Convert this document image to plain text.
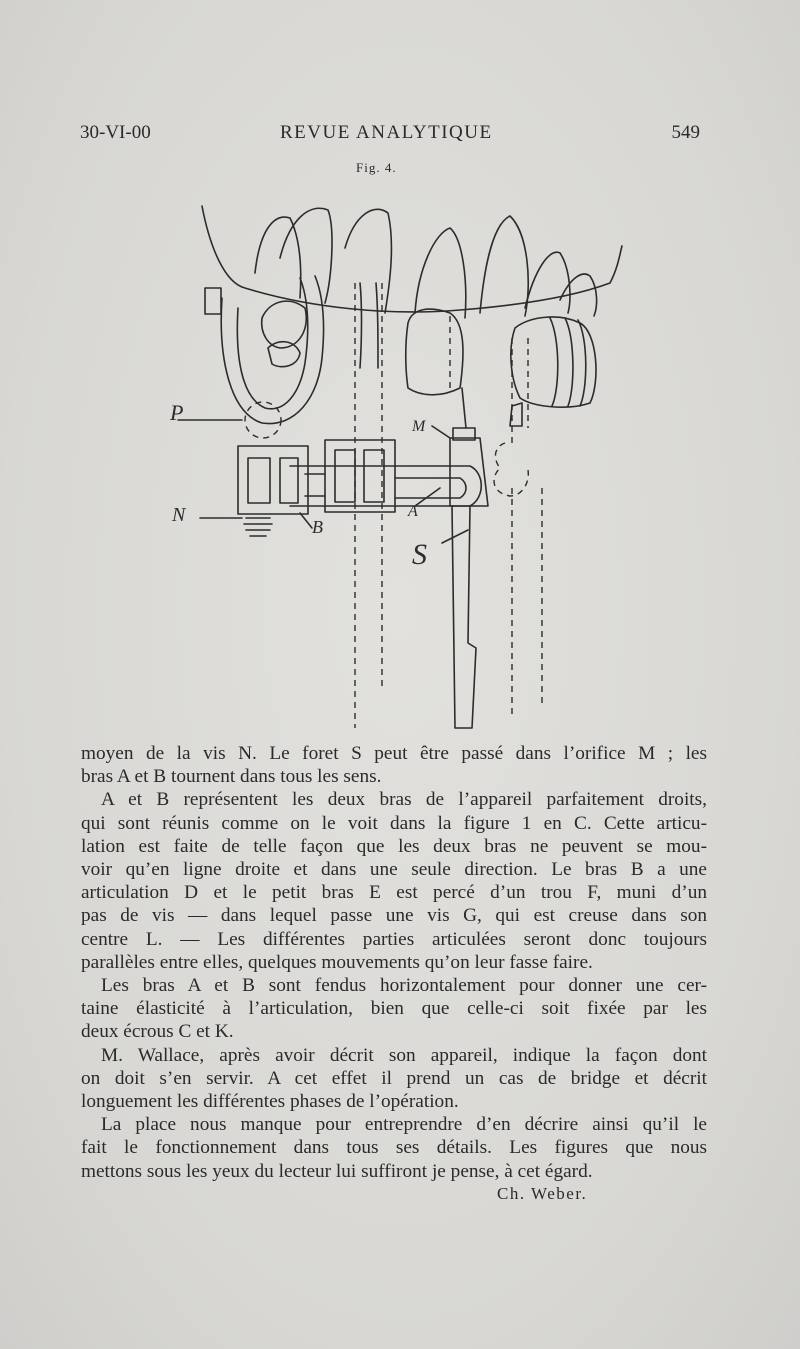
30-VI-00	REVUE ANALYTIQUE	549
Fig. 4.
P
N
B
A
M
S
moyen de la vis N. Le foret S peut être passé dans l’orifice M ; les
bras A et B tournent dans tous les sens.
A et B représentent les deux bras de l’appareil parfaitement droits,
qui sont réunis comme on le voit dans la figure 1 en C. Cette articu-
lation est faite de telle façon que les deux bras ne peuvent se mou-
voir qu’en ligne droite et dans une seule direction. Le bras B a une
articulation D et le petit bras E est percé d’un trou F, muni d’un
pas de vis — dans lequel passe une vis G, qui est creuse dans son
centre L. — Les différentes parties articulées seront donc toujours
parallèles entre elles, quelques mouvements qu’on leur fasse faire.
Les bras A et B sont fendus horizontalement pour donner une cer-
taine élasticité à l’articulation, bien que celle-ci soit fixée par les
deux écrous C et K.
M. Wallace, après avoir décrit son appareil, indique la façon dont
on doit s’en servir. A cet effet il prend un cas de bridge et décrit
longuement les différentes phases de l’opération.
La place nous manque pour entreprendre d’en décrire ainsi qu’il le
fait le fonctionnement dans tous ses détails. Les figures que nous
mettons sous les yeux du lecteur lui suffiront je pense, à cet égard.
Ch. Weber.
